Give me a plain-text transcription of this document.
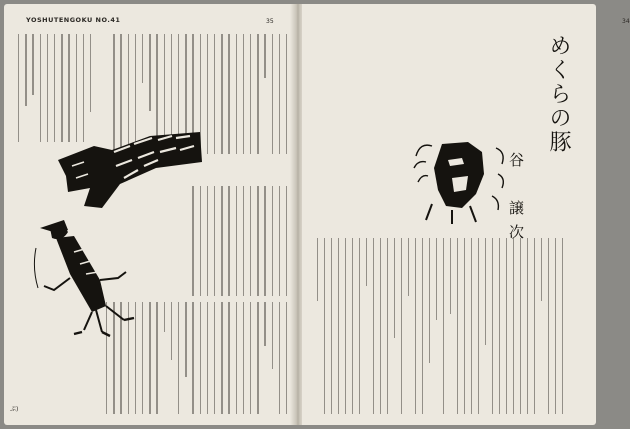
YOSHUTENGOKU NO.41	35
ぷ)
34
めくらの豚
谷　譲次
